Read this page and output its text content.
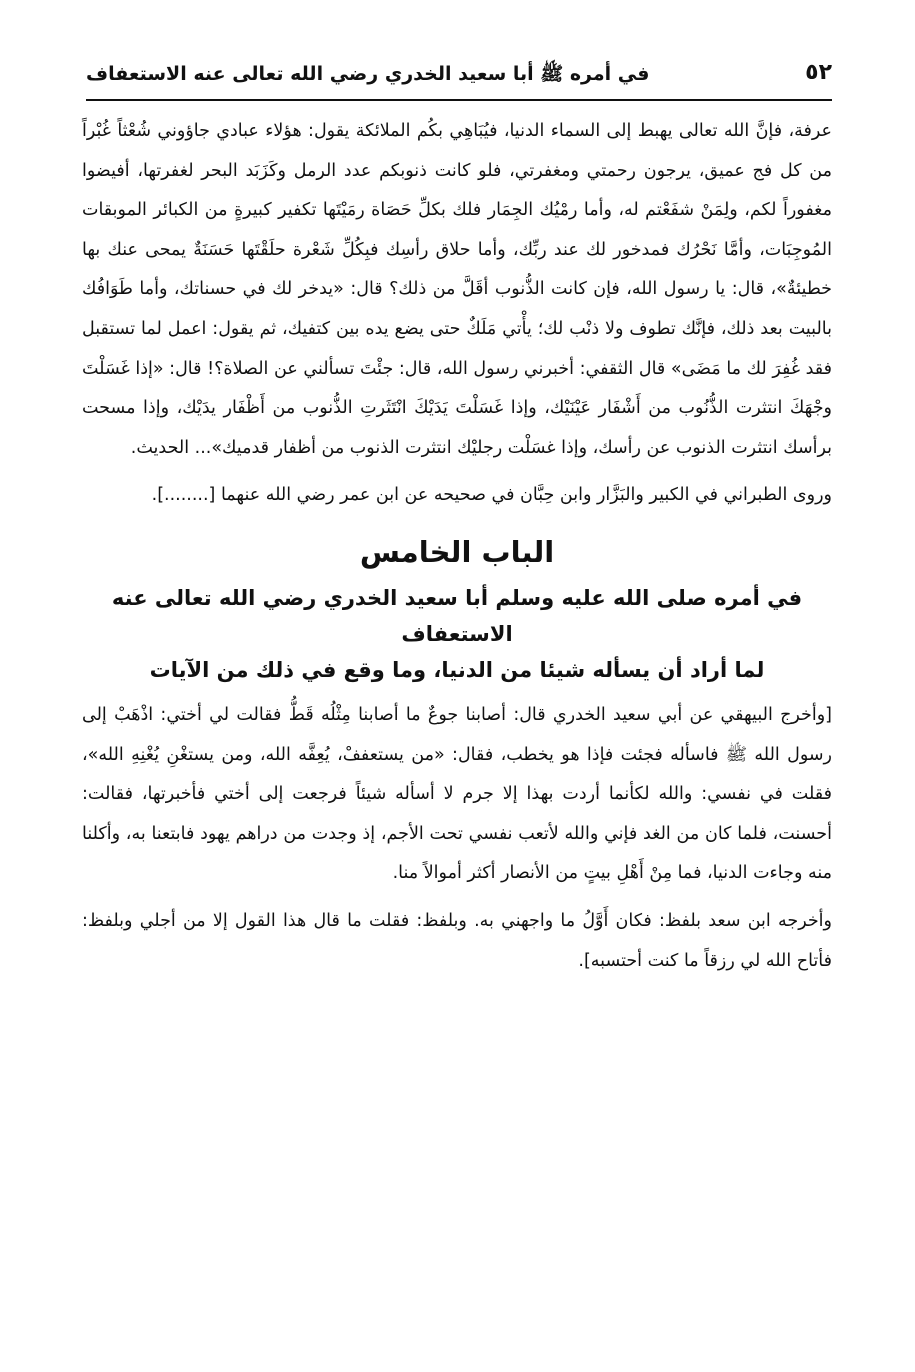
٥٢
في أمره ﷺ أبا سعيد الخدري رضي الله تعالى عنه الاستعفاف

عرفة، فإنَّ الله تعالى يهبط إلى السماء الدنيا، فيُبَاهِي بكُم الملائكة يقول: هؤلاء عبادي جاؤوني شُعْثاً غُبْراً من كل فج عميق، يرجون رحمتي ومغفرتي، فلو كانت ذنوبكم عدد الرمل وكَزَبَد البحر لغفرتها، أفيضوا مغفوراً لكم، ولِمَنْ شفَعْتم له، وأما رمْيُك الجِمَار فلك بكلِّ حَصَاة رمَيْتَها تكفير كبيرةٍ من الكبائر الموبقات المُوجِبَات، وأمَّا نَحْرُك فمدخور لك عند ربِّك، وأما حلاق رأسِك فبِكُلِّ شَعْرة حلَقْتَها حَسَنَةٌ يمحى عنك بها خطيئةٌ»، قال: يا رسول الله، فإن كانت الذُّنوب أقَلَّ من ذلك؟ قال: «يدخر لك في حسناتك، وأما طَوَافُك بالبيت بعد ذلك، فإنَّك تطوف ولا ذنْب لك؛ يأْتي مَلَكٌ حتى يضع يده بين كتفيك، ثم يقول: اعمل لما تستقبل فقد غُفِرَ لك ما مَضَى» قال الثقفي: أخبرني رسول الله، قال: جئْتَ تسألني عن الصلاة؟! قال: «إذا غَسَلْتَ وجْهَكَ انتثرت الذُّنُوب من أَشْفَار عَيْنَيْك، وإذا غَسَلْتَ يَدَيْكَ انْتَثَرتِ الذُّنوب من أَظْفَار يدَيْك، وإذا مسحت برأسك انتثرت الذنوب عن رأسك، وإذا غسَلْت رجليْك انتثرت الذنوب من أظفار قدميك»... الحديث.

وروى الطبراني في الكبير والبَزَّار وابن حِبَّان في صحيحه عن ابن عمر رضي الله عنهما [........].

الباب الخامس
في أمره صلى الله عليه وسلم أبا سعيد الخدري رضي الله تعالى عنه الاستعفاف
لما أراد أن يسأله شيئا من الدنيا، وما وقع في ذلك من الآيات

[وأخرج البيهقي عن أبي سعيد الخدري قال: أصابنا جوعٌ ما أصابنا مِثْلُه قَطُّ فقالت لي أختي: اذْهَبْ إلى رسول الله ﷺ فاسأله فجئت فإذا هو يخطب، فقال: «من يستعففْ، يُعِفَّه الله، ومن يستغْنِ يُغْنِهِ الله»، فقلت في نفسي: والله لكأنما أردت بهذا إلا جرم لا أسأله شيئاً فرجعت إلى أختي فأخبرتها، فقالت: أحسنت، فلما كان من الغد فإني والله لأتعب نفسي تحت الأجم، إذ وجدت من دراهم يهود فابتعنا به، وأكلنا منه وجاءت الدنيا، فما مِنْ أَهْلِ بيتٍ من الأنصار أكثر أموالاً منا.

وأخرجه ابن سعد بلفظ: فكان أَوَّلُ ما واجهني به. وبلفظ: فقلت ما قال هذا القول إلا من أجلي وبلفظ: فأتاح الله لي رزقاً ما كنت أحتسبه].
